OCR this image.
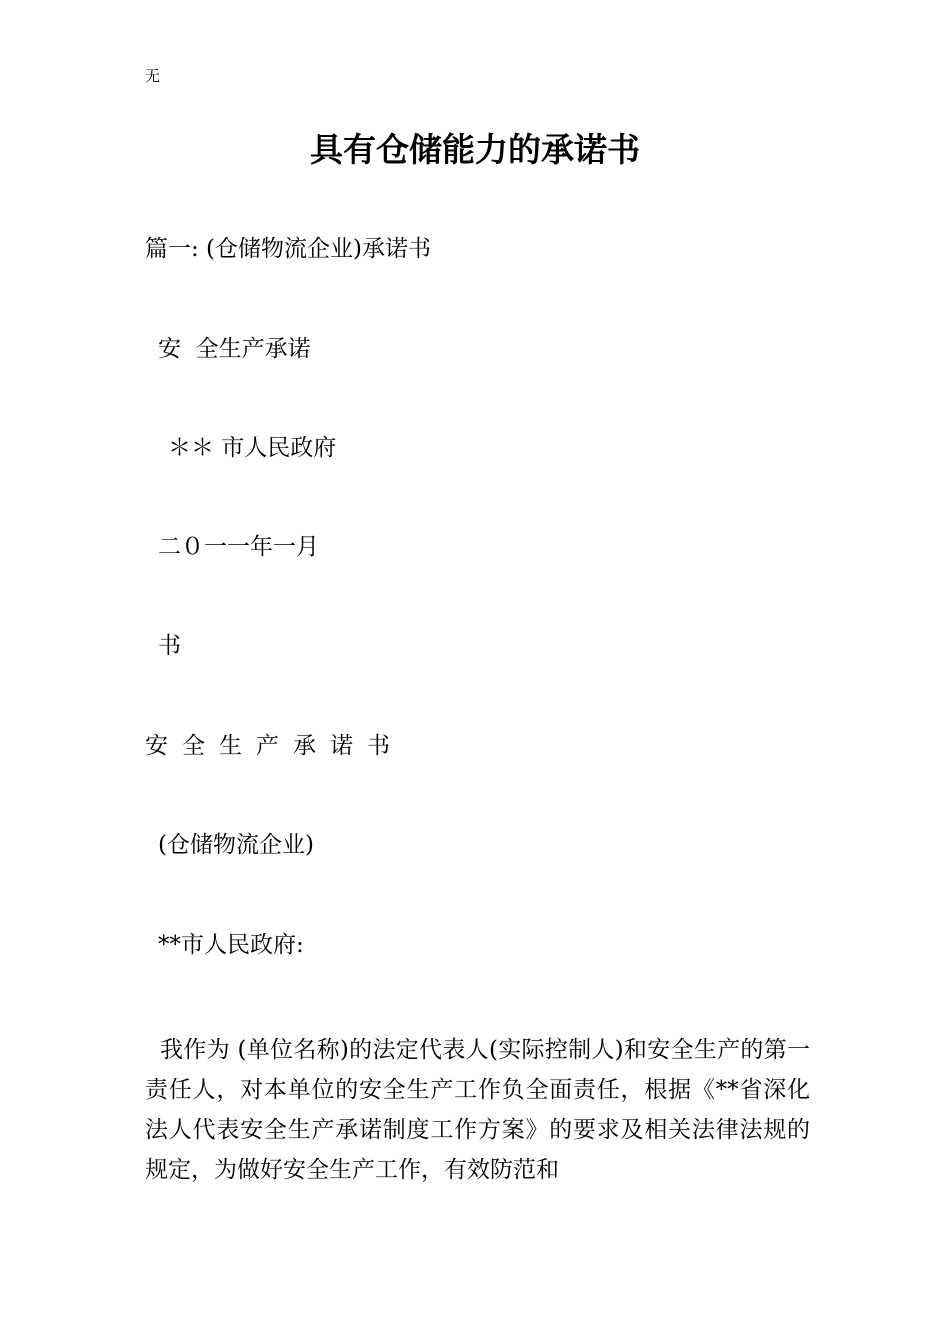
无
具有仓储能力的承诺书

篇一: (仓储物流企业)承诺书

安  全生产承诺

＊＊ 市人民政府

二０一一年一月

书

安全生产承诺书

(仓储物流企业)

**市人民政府:

我作为 (单位名称)的法定代表人(实际控制人)和安全生产的第一责任人，对本单位的安全生产工作负全面责任，根据《**省深化法人代表安全生产承诺制度工作方案》的要求及相关法律法规的规定，为做好安全生产工作，有效防范和
